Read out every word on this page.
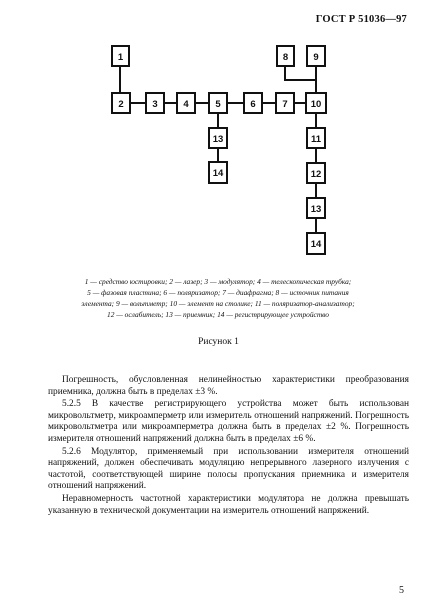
ГОСТ Р 51036—97
1
2	3	4	5	6	7
8	9
10
11
12
13
13
14
14
1 — средство юстировки; 2 — лазер; 3 — модулятор; 4 — телескопическая трубка;
5 — фазовая пластина; 6 — поляризатор; 7 — диафрагма; 8 — источник питания
элемента; 9 — вольтметр; 10 — элемент на столике; 11 — поляризатор-анализатор;
12 — ослабитель; 13 — приемник; 14 — регистрирующее устройство
Рисунок 1

Погрешность, обусловленная нелинейностью характеристики преобразования приемника, должна быть в пределах ±3 %.

5.2.5 В качестве регистрирующего устройства может быть использован микровольтметр, микроамперметр или измеритель отношений напряжений. Погрешность микровольтметра или микроамперметра должна быть в пределах ±2 %. Погрешность измерителя отношений напряжений должна быть в пределах ±6 %.

5.2.6 Модулятор, применяемый при использовании измерителя отношений напряжений, должен обеспечивать модуляцию непрерывного лазерного излучения с частотой, соответствующей ширине полосы пропускания приемника и измерителя отношений напряжений.

Неравномерность частотной характеристики модулятора не должна превышать указанную в технической документации на измеритель отношений напряжений.

5
